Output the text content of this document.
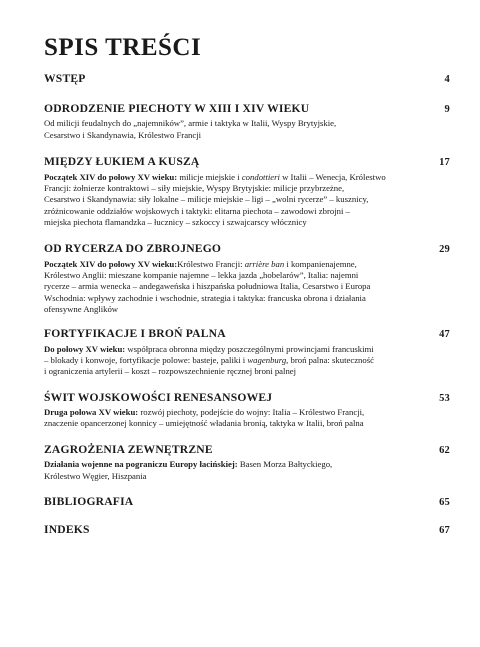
SPIS TREŚCI
WSTĘP	4
ODRODZENIE PIECHOTY W XIII I XIV WIEKU	9
Od milicji feudalnych do „najemników”, armie i taktyka w Italii, Wyspy Brytyjskie,
Cesarstwo i Skandynawia, Królestwo Francji
MIĘDZY ŁUKIEM A KUSZĄ	17
Początek XIV do połowy XV wieku: milicje miejskie i condottieri w Italii – Wenecja, Królestwo
Francji: żołnierze kontraktowi – siły miejskie, Wyspy Brytyjskie: milicje przybrzeżne,
Cesarstwo i Skandynawia: siły lokalne – milicje miejskie – ligi – „wolni rycerze” – kusznicy,
zróżnicowanie oddziałów wojskowych i taktyki: elitarna piechota – zawodowi zbrojni –
miejska piechota flamandzka – łucznicy – szkoccy i szwajcarscy włócznicy
OD RYCERZA DO ZBROJNEGO	29
Początek XIV do połowy XV wieku:Królestwo Francji: arrière ban i kompanienajemne,
Królestwo Anglii: mieszane kompanie najemne – lekka jazda „hobelarów”, Italia: najemni
rycerze – armia wenecka – andegaweńska i hiszpańska południowa Italia, Cesarstwo i Europa
Wschodnia: wpływy zachodnie i wschodnie, strategia i taktyka: francuska obrona i działania
ofensywne Anglików
FORTYFIKACJE I BROŃ PALNA	47
Do połowy XV wieku: współpraca obronna między poszczególnymi prowincjami francuskimi
– blokady i konwoje, fortyfikacje polowe: basteje, paliki i wagenburg, broń palna: skuteczność
i ograniczenia artylerii – koszt – rozpowszechnienie ręcznej broni palnej
ŚWIT WOJSKOWOŚCI RENESANSOWEJ	53
Druga połowa XV wieku: rozwój piechoty, podejście do wojny: Italia – Królestwo Francji,
znaczenie opancerzonej konnicy – umiejętność władania bronią, taktyka w Italii, broń palna
ZAGROŻENIA ZEWNĘTRZNE	62
Działania wojenne na pograniczu Europy łacińskiej: Basen Morza Bałtyckiego,
Królestwo Węgier, Hiszpania
BIBLIOGRAFIA	65
INDEKS	67
